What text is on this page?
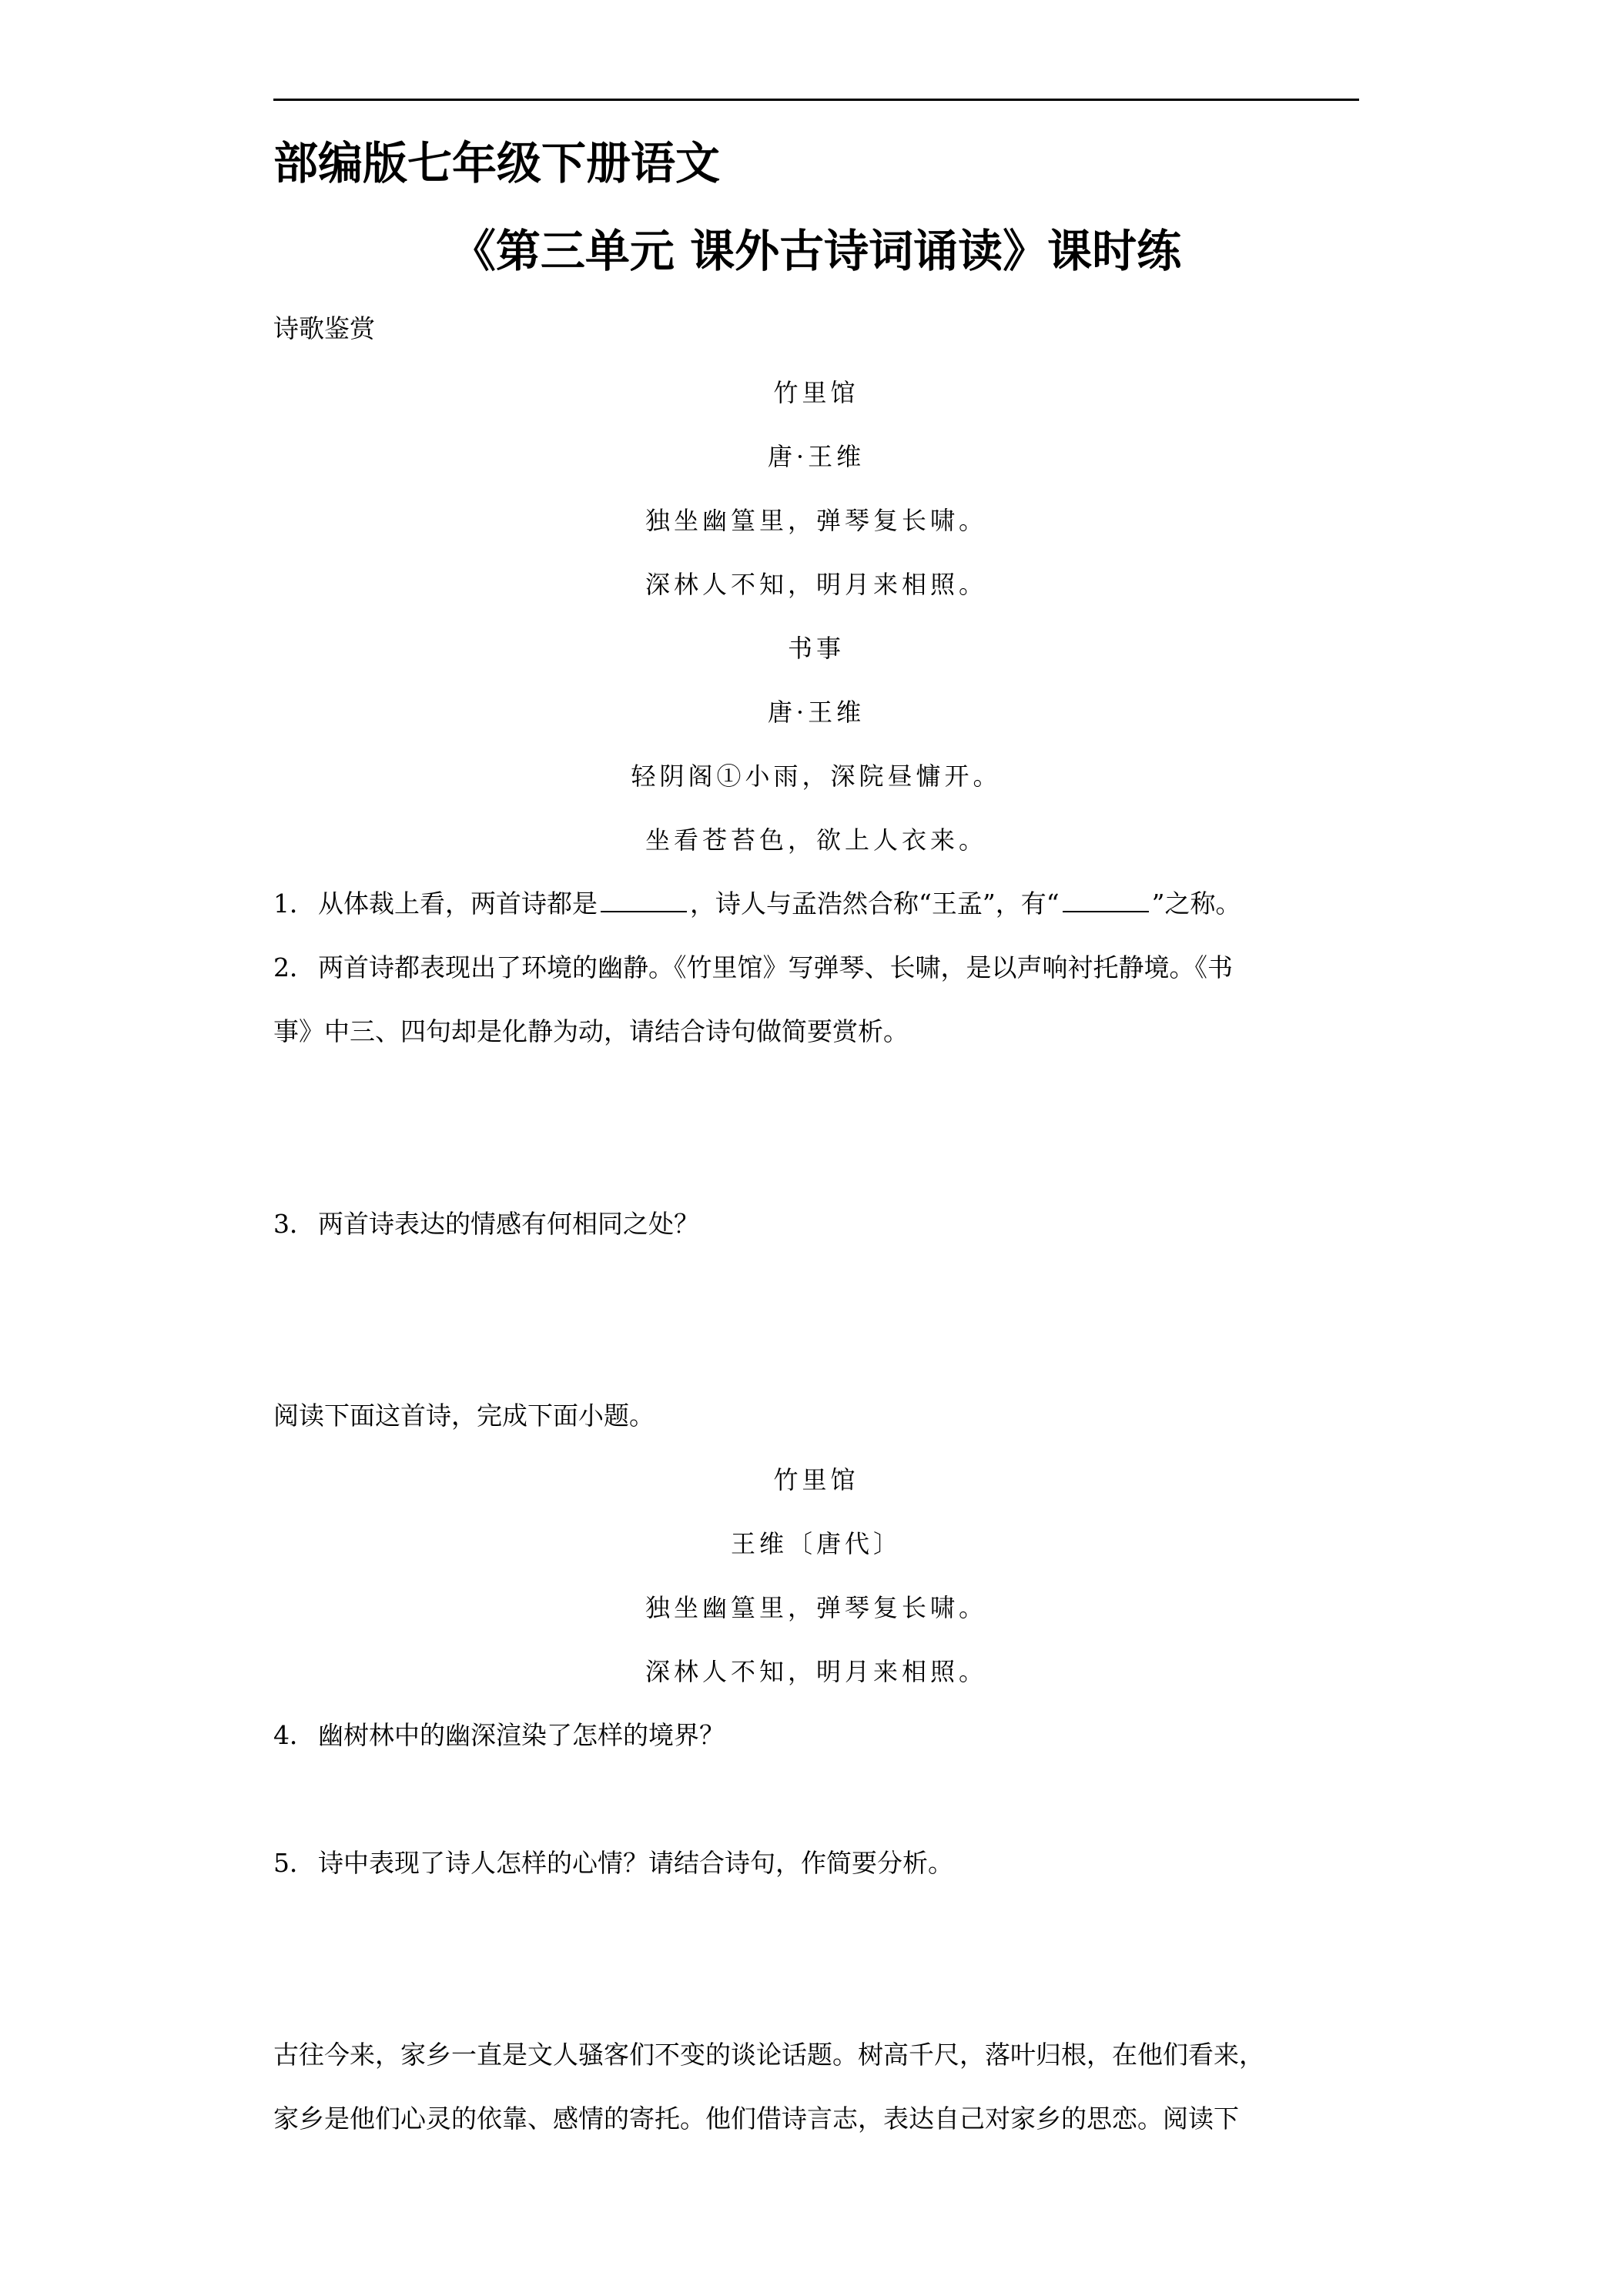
部编版七年级下册语文
《第三单元 课外古诗词诵读》课时练
诗歌鉴赏
竹里馆
唐·王维
独坐幽篁里，弹琴复长啸。
深林人不知，明月来相照。
书事
唐·王维
轻阴阁①小雨，深院昼慵开。
坐看苍苔色，欲上人衣来。
1． 从体裁上看，两首诗都是	，诗人与孟浩然合称“王孟”，有“	”之称。
2． 两首诗都表现出了环境的幽静。《竹里馆》写弹琴、长啸，是以声响衬托静境。《书
事》中三、四句却是化静为动，请结合诗句做简要赏析。
3． 两首诗表达的情感有何相同之处？
阅读下面这首诗，完成下面小题。
竹里馆
王维〔唐代〕
独坐幽篁里，弹琴复长啸。
深林人不知，明月来相照。
4． 幽树林中的幽深渲染了怎样的境界？
5． 诗中表现了诗人怎样的心情？请结合诗句，作简要分析。
古往今来，家乡一直是文人骚客们不变的谈论话题。树高千尺，落叶归根，在他们看来，
家乡是他们心灵的依靠、感情的寄托。他们借诗言志，表达自己对家乡的思恋。阅读下
